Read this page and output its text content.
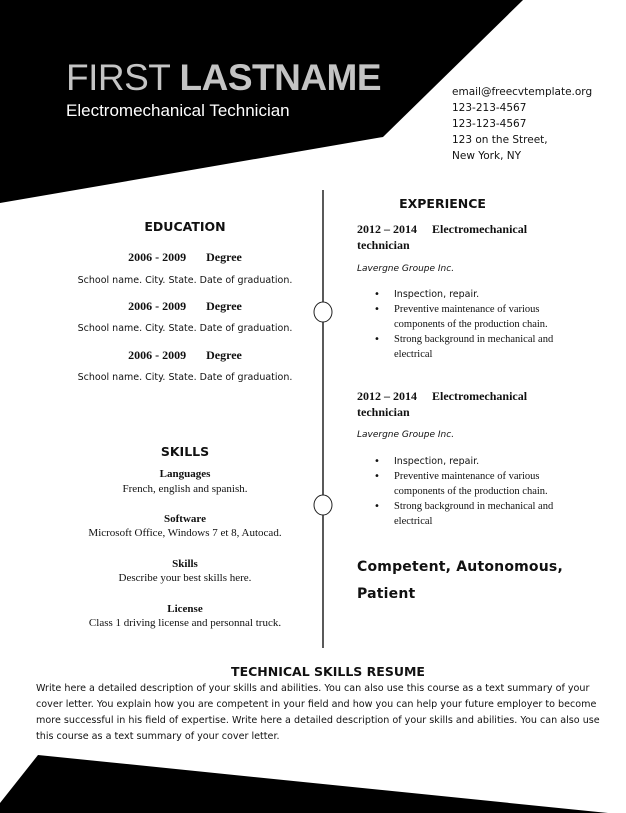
FIRST LASTNAME
Electromechanical Technician
email@freecvtemplate.org
123-213-4567
123-123-4567
123 on the Street,
New York, NY
EDUCATION
2006 - 2009 Degree
School name. City. State. Date of graduation.
2006 - 2009 Degree
School name. City. State. Date of graduation.
2006 - 2009 Degree
School name. City. State. Date of graduation.
SKILLS
Languages
French, english and spanish.
Software
Microsoft Office, Windows 7 et 8, Autocad.
Skills
Describe your best skills here.
License
Class 1 driving license and personnal truck.
EXPERIENCE
2012 – 2014 Electromechanical
technician
Lavergne Groupe Inc.
• Inspection, repair.
• Preventive maintenance of various components of the production chain.
• Strong background in mechanical and electrical
2012 – 2014 Electromechanical
technician
Lavergne Groupe Inc.
• Inspection, repair.
• Preventive maintenance of various components of the production chain.
• Strong background in mechanical and electrical
Competent, Autonomous,
Patient
TECHNICAL SKILLS RESUME
Write here a detailed description of your skills and abilities. You can also use this course as a text summary of your cover letter. You explain how you are competent in your field and how you can help your future employer to become more successful in his field of expertise. Write here a detailed description of your skills and abilities. You can also use this course as a text summary of your cover letter.
